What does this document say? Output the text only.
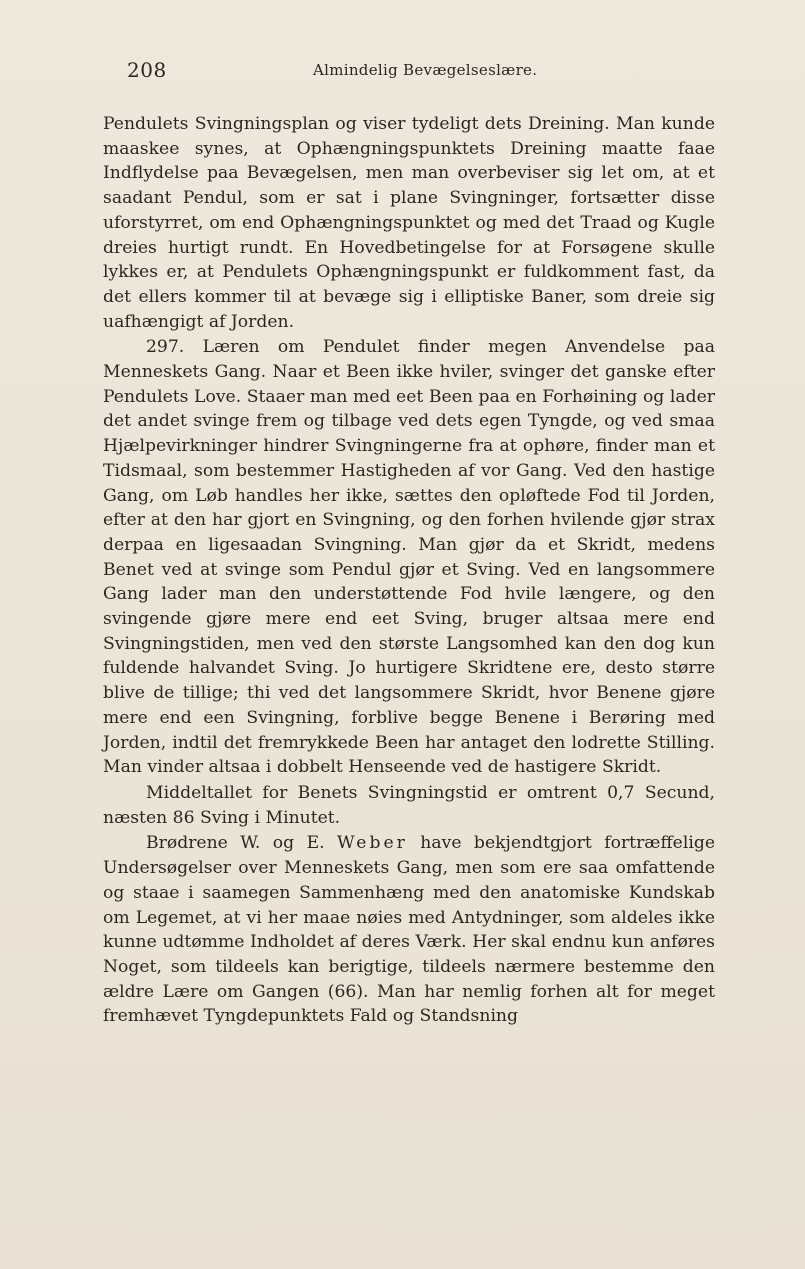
208	Almindelig Bevægelseslære.

Pendulets Svingningsplan og viser tydeligt dets Dreining. Man kunde maaskee synes, at Ophængningspunktets Dreining maatte faae Indflydelse paa Bevægelsen, men man overbeviser sig let om, at et saadant Pendul, som er sat i plane Svingninger, fortsætter disse uforstyrret, om end Ophængningspunktet og med det Traad og Kugle dreies hurtigt rundt. En Hovedbetingelse for at Forsøgene skulle lykkes er, at Pendulets Ophængningspunkt er fuldkomment fast, da det ellers kommer til at bevæge sig i elliptiske Baner, som dreie sig uafhængigt af Jorden.

297. Læren om Pendulet finder megen Anvendelse paa Menneskets Gang. Naar et Been ikke hviler, svinger det ganske efter Pendulets Love. Staaer man med eet Been paa en Forhøining og lader det andet svinge frem og tilbage ved dets egen Tyngde, og ved smaa Hjælpevirkninger hindrer Svingningerne fra at ophøre, finder man et Tidsmaal, som bestemmer Hastigheden af vor Gang. Ved den hastige Gang, om Løb handles her ikke, sættes den opløftede Fod til Jorden, efter at den har gjort en Svingning, og den forhen hvilende gjør strax derpaa en ligesaadan Svingning. Man gjør da et Skridt, medens Benet ved at svinge som Pendul gjør et Sving. Ved en langsommere Gang lader man den understøttende Fod hvile længere, og den svingende gjøre mere end eet Sving, bruger altsaa mere end Svingningstiden, men ved den største Langsomhed kan den dog kun fuldende halvandet Sving. Jo hurtigere Skridtene ere, desto større blive de tillige; thi ved det langsommere Skridt, hvor Benene gjøre mere end een Svingning, forblive begge Benene i Berøring med Jorden, indtil det fremrykkede Been har antaget den lodrette Stilling. Man vinder altsaa i dobbelt Henseende ved de hastigere Skridt.

Middeltallet for Benets Svingningstid er omtrent 0,7 Secund, næsten 86 Sving i Minutet.

Brødrene W. og E. Weber have bekjendtgjort fortræffelige Undersøgelser over Menneskets Gang, men som ere saa omfattende og staae i saamegen Sammenhæng med den anatomiske Kundskab om Legemet, at vi her maae nøies med Antydninger, som aldeles ikke kunne udtømme Indholdet af deres Værk. Her skal endnu kun anføres Noget, som tildeels kan berigtige, tildeels nærmere bestemme den ældre Lære om Gangen (66). Man har nemlig forhen alt for meget fremhævet Tyngdepunktets Fald og Standsning
